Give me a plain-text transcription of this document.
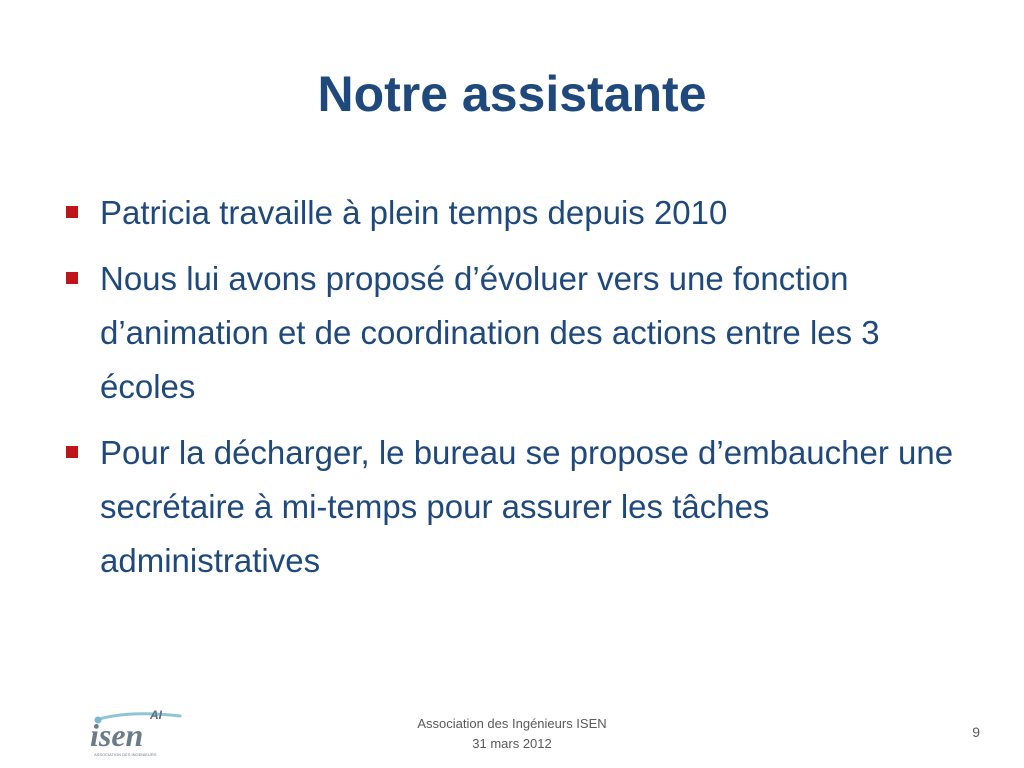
Notre assistante
Patricia travaille à plein temps depuis 2010
Nous lui avons proposé d’évoluer vers une fonction d’animation et de coordination des actions entre les 3 écoles
Pour la décharger, le bureau se propose d’embaucher une secrétaire à mi-temps pour assurer les tâches administratives
AI
isen
ASSOCIATION DES INGENIEURS
Association des Ingénieurs ISEN
31 mars 2012
9
